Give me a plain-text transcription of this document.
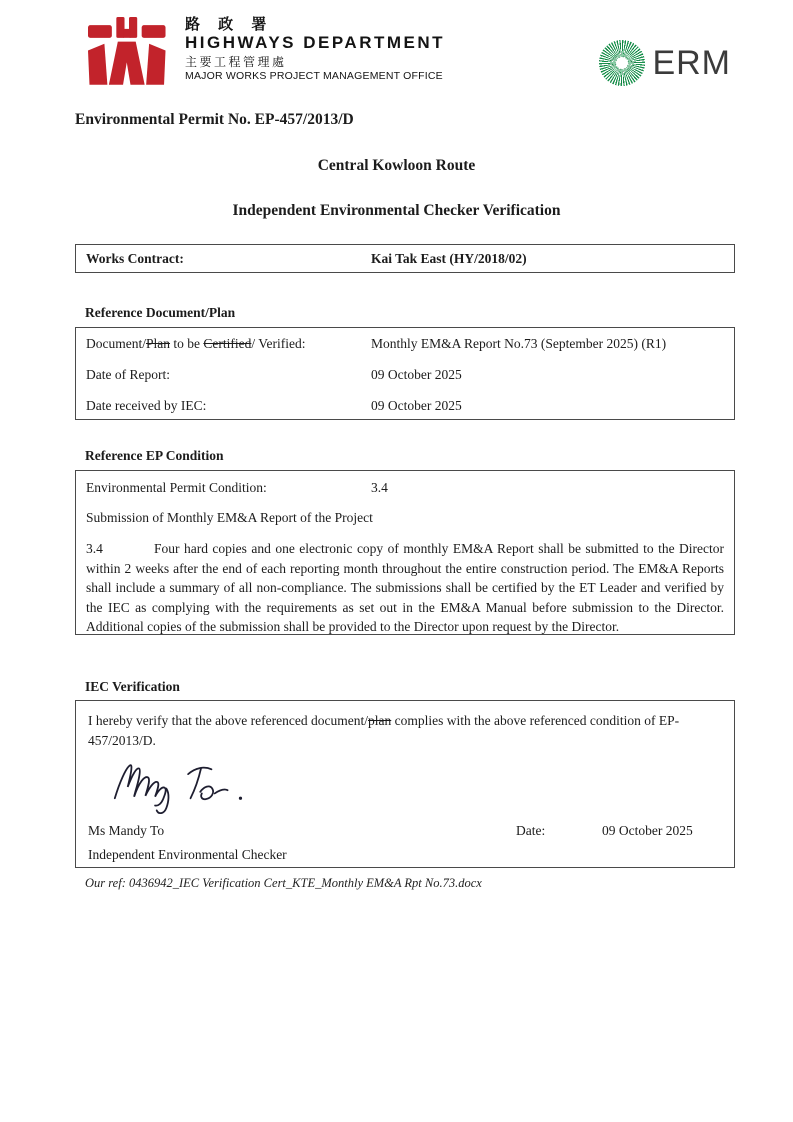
路 政 署
HIGHWAYS DEPARTMENT
主要工程管理處
MAJOR WORKS PROJECT MANAGEMENT OFFICE	ERM
Environmental Permit No. EP-457/2013/D
Central Kowloon Route
Independent Environmental Checker Verification
Works Contract:	Kai Tak East (HY/2018/02)
Reference Document/Plan
Document/Plan to be Certified/ Verified:	Monthly EM&A Report No.73 (September 2025) (R1)
Date of Report:	09 October 2025
Date received by IEC:	09 October 2025
Reference EP Condition
Environmental Permit Condition:	3.4
Submission of Monthly EM&A Report of the Project
3.4	Four hard copies and one electronic copy of monthly EM&A Report shall be submitted to the Director within 2 weeks after the end of each reporting month throughout the entire construction period. The EM&A Reports shall include a summary of all non-compliance. The submissions shall be certified by the ET Leader and verified by the IEC as complying with the requirements as set out in the EM&A Manual before submission to the Director. Additional copies of the submission shall be provided to the Director upon request by the Director.
IEC Verification
I hereby verify that the above referenced document/plan complies with the above referenced condition of EP-457/2013/D.
Ms Mandy To	Date:	09 October 2025
Independent Environmental Checker
Our ref: 0436942_IEC Verification Cert_KTE_Monthly EM&A Rpt No.73.docx
